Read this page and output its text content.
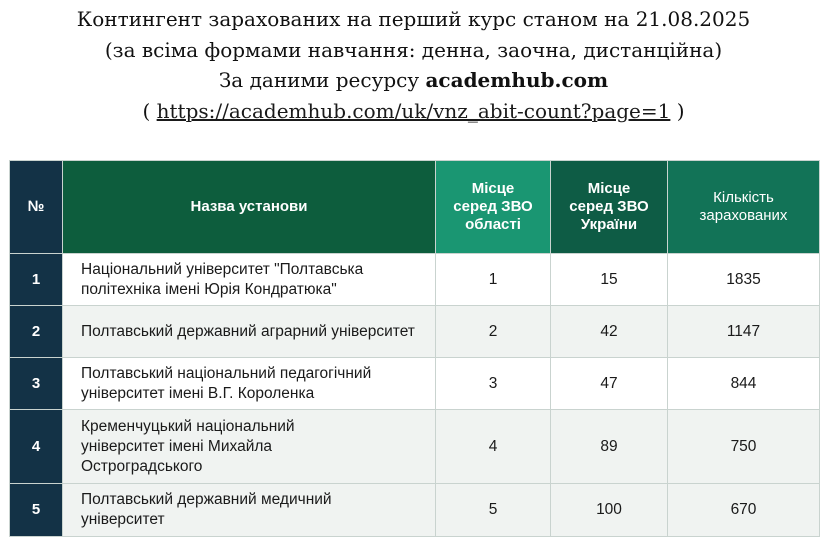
Контингент зарахованих на перший курс станом на 21.08.2025
(за всіма формами навчання: денна, заочна, дистанційна)
За даними ресурсу academhub.com
( https://academhub.com/uk/vnz_abit-count?page=1 )
№	Назва установи	Місце серед ЗВО області	Місце серед ЗВО України	Кількість зарахованих

1	Національний університет "Полтавська політехніка імені Юрія Кондратюка"	1	15	1835
2	Полтавський державний аграрний університет	2	42	1147
3	Полтавський національний педагогічний університет імені В.Г. Короленка	3	47	844
4	Кременчуцький національний університет імені Михайла Остроградського	4	89	750
5	Полтавський державний медичний університет	5	100	670
